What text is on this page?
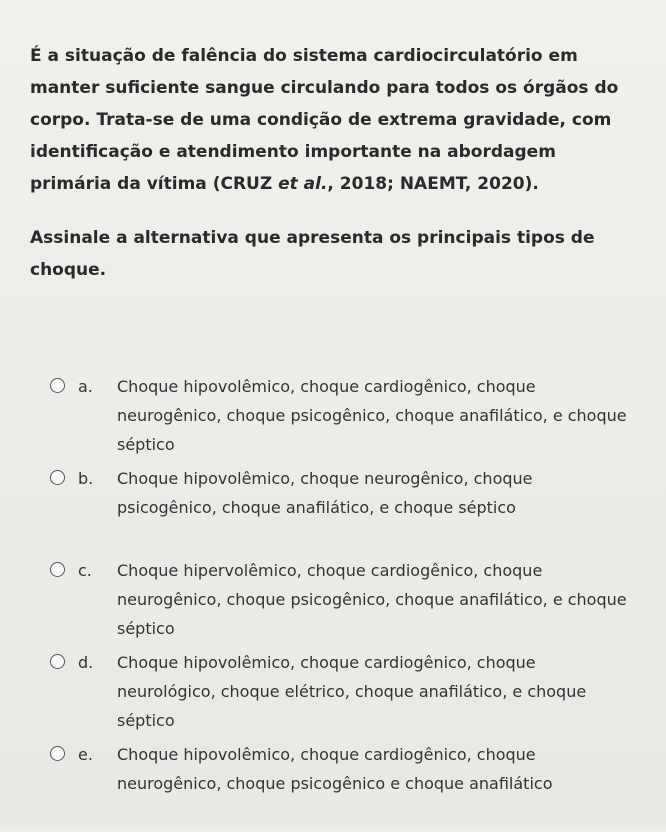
É a situação de falência do sistema cardiocirculatório em manter suficiente sangue circulando para todos os órgãos do corpo. Trata-se de uma condição de extrema gravidade, com identificação e atendimento importante na abordagem primária da vítima (CRUZ et al., 2018; NAEMT, 2020).

Assinale a alternativa que apresenta os principais tipos de choque.

a. Choque hipovolêmico, choque cardiogênico, choque neurogênico, choque psicogênico, choque anafilático, e choque séptico
b. Choque hipovolêmico, choque neurogênico, choque psicogênico, choque anafilático, e choque séptico
c. Choque hipervolêmico, choque cardiogênico, choque neurogênico, choque psicogênico, choque anafilático, e choque séptico
d. Choque hipovolêmico, choque cardiogênico, choque neurológico, choque elétrico, choque anafilático, e choque séptico
e. Choque hipovolêmico, choque cardiogênico, choque neurogênico, choque psicogênico e choque anafilático
